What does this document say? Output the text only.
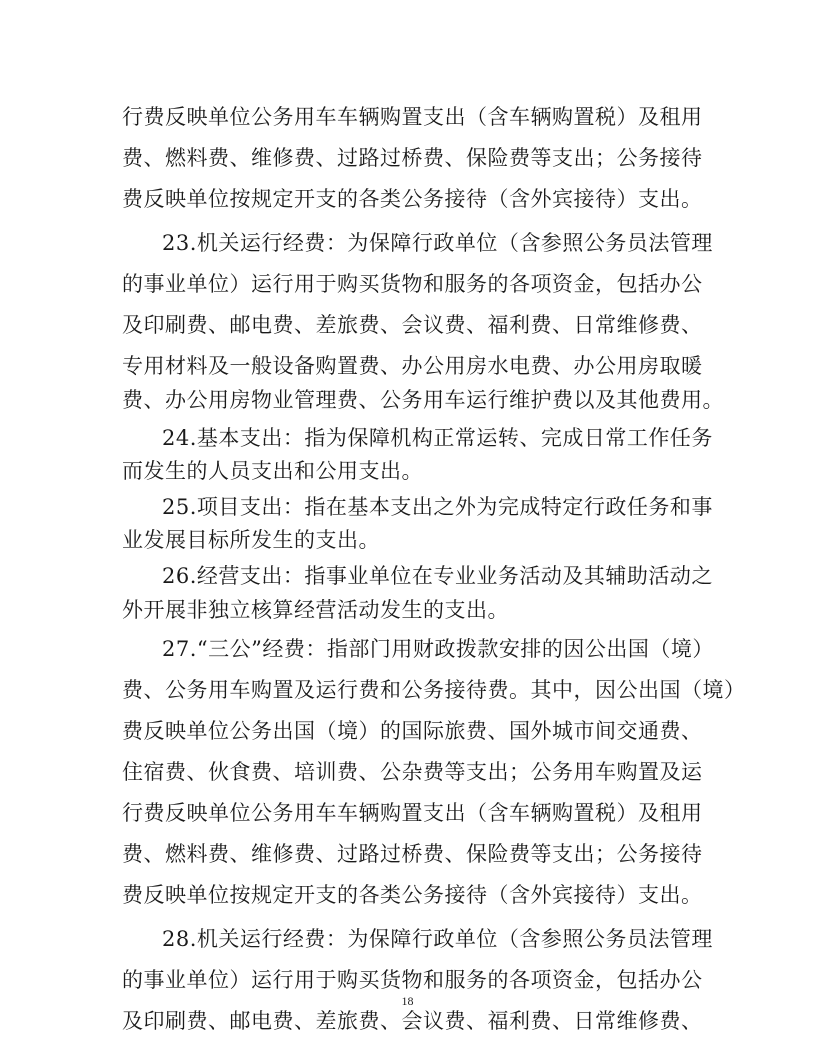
行费反映单位公务用车车辆购置支出（含车辆购置税）及租用
费、燃料费、维修费、过路过桥费、保险费等支出；公务接待
费反映单位按规定开支的各类公务接待（含外宾接待）支出。
23.机关运行经费：为保障行政单位（含参照公务员法管理
的事业单位）运行用于购买货物和服务的各项资金，包括办公
及印刷费、邮电费、差旅费、会议费、福利费、日常维修费、
专用材料及一般设备购置费、办公用房水电费、办公用房取暖
费、办公用房物业管理费、公务用车运行维护费以及其他费用。
24.基本支出：指为保障机构正常运转、完成日常工作任务
而发生的人员支出和公用支出。
25.项目支出：指在基本支出之外为完成特定行政任务和事
业发展目标所发生的支出。
26.经营支出：指事业单位在专业业务活动及其辅助活动之
外开展非独立核算经营活动发生的支出。
27.“三公”经费：指部门用财政拨款安排的因公出国（境）
费、公务用车购置及运行费和公务接待费。其中，因公出国（境）
费反映单位公务出国（境）的国际旅费、国外城市间交通费、
住宿费、伙食费、培训费、公杂费等支出；公务用车购置及运
行费反映单位公务用车车辆购置支出（含车辆购置税）及租用
费、燃料费、维修费、过路过桥费、保险费等支出；公务接待
费反映单位按规定开支的各类公务接待（含外宾接待）支出。
28.机关运行经费：为保障行政单位（含参照公务员法管理
的事业单位）运行用于购买货物和服务的各项资金，包括办公
及印刷费、邮电费、差旅费、会议费、福利费、日常维修费、
18
